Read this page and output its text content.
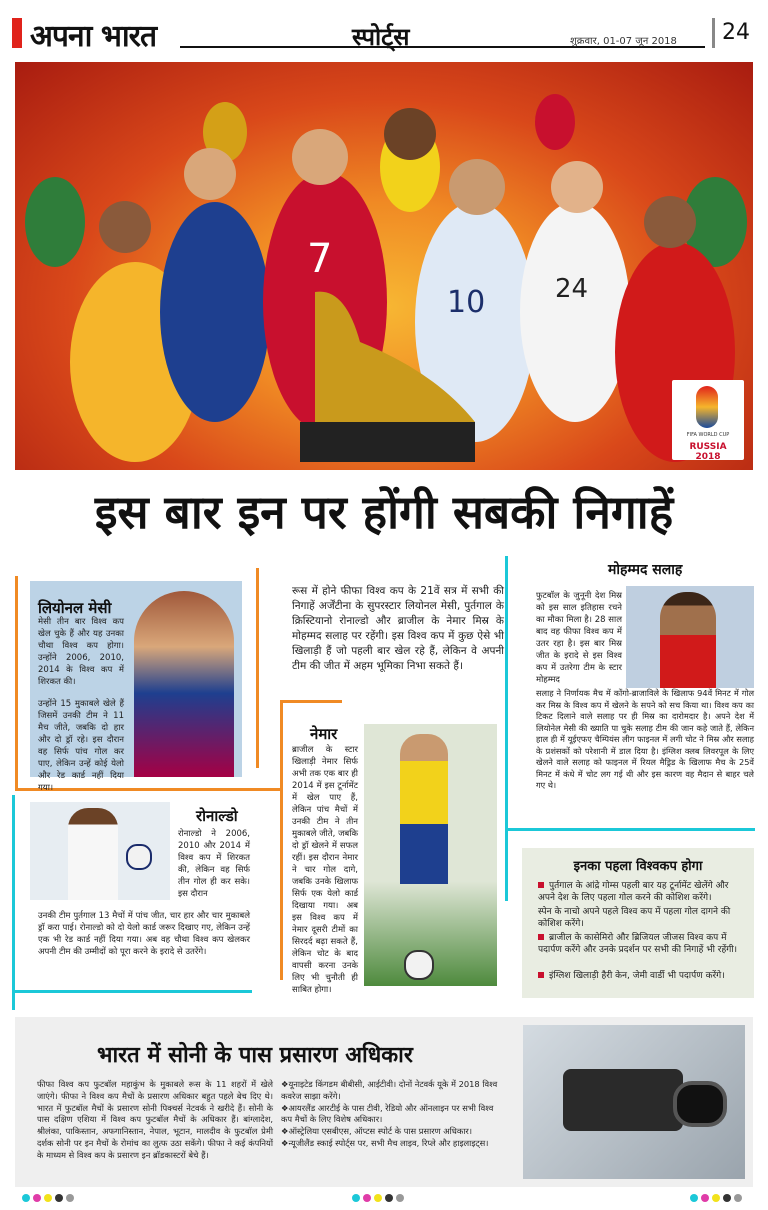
अपना भारत	स्पोर्ट्स	शुक्रवार, 01-07 जून 2018 24
7
10	24
FIFA WORLD CUP
RUSSIA 2018
इस बार इन पर होंगी सबकी निगाहें
रूस में होने फीफा विश्व कप के 21वें सत्र में सभी की निगाहें अर्जेंटीना के सुपरस्टार लियोनल मेसी, पुर्तगाल के क्रिस्टियानो रोनाल्डो और ब्राजील के नेमार मिस्र के मोहम्मद सलाह पर रहेंगी। इस विश्व कप में कुछ ऐसे भी खिलाड़ी हैं जो पहली बार खेल रहे हैं, लेकिन वे अपनी टीम की जीत में अहम भूमिका निभा सकते हैं।
लियोनल मेसी
मेसी तीन बार विश्व कप खेल चुके हैं और यह उनका चौथा विश्व कप होगा। उन्होंने 2006, 2010, 2014 के विश्व कप में शिरकत की।
उन्होंने 15 मुकाबले खेले हैं जिसमें उनकी टीम ने 11 मैच जीते, जबकि दो हार और दो ड्रॉ रहे। इस दौरान वह सिर्फ पांच गोल कर पाए, लेकिन उन्हें कोई येलो और रेड कार्ड नहीं दिया गया।
रोनाल्डो
रोनाल्डो ने 2006, 2010 और 2014 में विश्व कप में शिरकत की, लेकिन वह सिर्फ तीन गोल ही कर सके। इस दौरान
उनकी टीम पुर्तगाल 13 मैचों में पांच जीत, चार हार और चार मुकाबले ड्रॉ करा पाई। रोनाल्डो को दो येलो कार्ड जरूर दिखाए गए, लेकिन उन्हें एक भी रेड कार्ड नहीं दिया गया। अब वह चौथा विश्व कप खेलकर अपनी टीम की उम्मीदों को पूरा करने के इरादे से उतरेंगे।
नेमार
ब्राजील के स्टार खिलाड़ी नेमार सिर्फ अभी तक एक बार ही 2014 में इस टूर्नामेंट में खेल पाए हैं, लेकिन पांच मैचों में उनकी टीम ने तीन मुकाबले जीते, जबकि दो ड्रॉ खेलने में सफल रहीं। इस दौरान नेमार ने चार गोल दागे, जबकि उनके खिलाफ सिर्फ एक येलो कार्ड दिखाया गया। अब इस विश्व कप में नेमार दूसरी टीमों का सिरदर्द बढ़ा सकते हैं, लेकिन चोट के बाद वापसी करना उनके लिए भी चुनौती ही साबित होगा।
मोहम्मद सलाह
फुटबॉल के जुनूनी देश मिस्र को इस साल इतिहास रचने का मौका मिला है। 28 साल बाद वह फीफा विश्व कप में उतर रहा है। इस बार मिस्र जीत के इरादे से इस विश्व कप में उतरेगा टीम के स्टार मोहम्मद
सलाह ने निर्णायक मैच में कोंगो-ब्राजाविले के खिलाफ 94वें मिनट में गोल कर मिस्र के विश्व कप में खेलने के सपने को सच किया था। विश्व कप का टिकट दिलाने वाले सलाह पर ही मिस्र का दारोमदार है। अपने देश में लियोनेल मेसी की ख्याति पा चुके सलाह टीम की जान कहे जाते हैं, लेकिन हाल ही में यूईएफए चैम्पियंस लीग फाइनल में लगी चोट ने मिस्र और सलाह के प्रशंसकों को परेशानी में डाल दिया है। इंग्लिश क्लब लिवरपूल के लिए खेलने वाले सलाह को फाइनल में रियल मैड्रिड के खिलाफ मैच के 25वें मिनट में कंधे में चोट लग गई थी और इस कारण वह मैदान से बाहर चले गए थे।
इनका पहला विश्वकप होगा
पुर्तगाल के आंद्रे गोम्स पहली बार यह टूर्नामेंट खेलेंगे और अपने देश के लिए पहला गोल करने की कोशिश करेंगे।
स्पेन के नाचो अपने पहले विश्व कप में पहला गोल दागने की कोशिश करेंगे।
ब्राजील के कासेमिरो और ब्रिजियल जीजस विश्व कप में पदार्पण करेंगे और उनके प्रदर्शन पर सभी की निगाहें भी रहेंगी।
इंग्लिश खिलाड़ी हैरी केन, जेमी वार्डी भी पदार्पण करेंगे।
भारत में सोनी के पास प्रसारण अधिकार
फीफा विश्व कप फुटबॉल महाकुंभ के मुकाबले रूस के 11 शहरों में खेले जाएंगे। फीफा ने विश्व कप मैचों के प्रसारण अधिकार बहुत पहले बेच दिए थे। भारत में फुटबॉल मैचों के प्रसारण सोनी पिक्चर्स नेटवर्क ने खरीदे हैं। सोनी के पास दक्षिण एशिया में विश्व कप फुटबॉल मैचों के अधिकार हैं। बांग्लादेश, श्रीलंका, पाकिस्तान, अफगानिस्तान, नेपाल, भूटान, मालदीव के फुटबॉल प्रेमी दर्शक सोनी पर इन मैचों के रोमांच का लुत्फ उठा सकेंगे। फीफा ने कई कंपनियों के माध्यम से विश्व कप के प्रसारण इन ब्रॉडकास्टरों बेचे हैं।
❖यूनाइटेड किंगडम बीबीसी, आईटीवी। दोनों नेटवर्क यूके में 2018 विश्व कवरेज साझा करेंगे।
❖आयरलैंड आरटीई के पास टीवी, रेडियो और ऑनलाइन पर सभी विश्व कप मैचों के लिए विशेष अधिकार।
❖ऑस्ट्रेलिया एसबीएस, ऑप्टस स्पोर्ट के पास प्रसारण अधिकार।
❖न्यूजीलैंड स्काई स्पोर्ट्स पर, सभी मैच लाइव, रिप्ले और हाइलाइट्स।
